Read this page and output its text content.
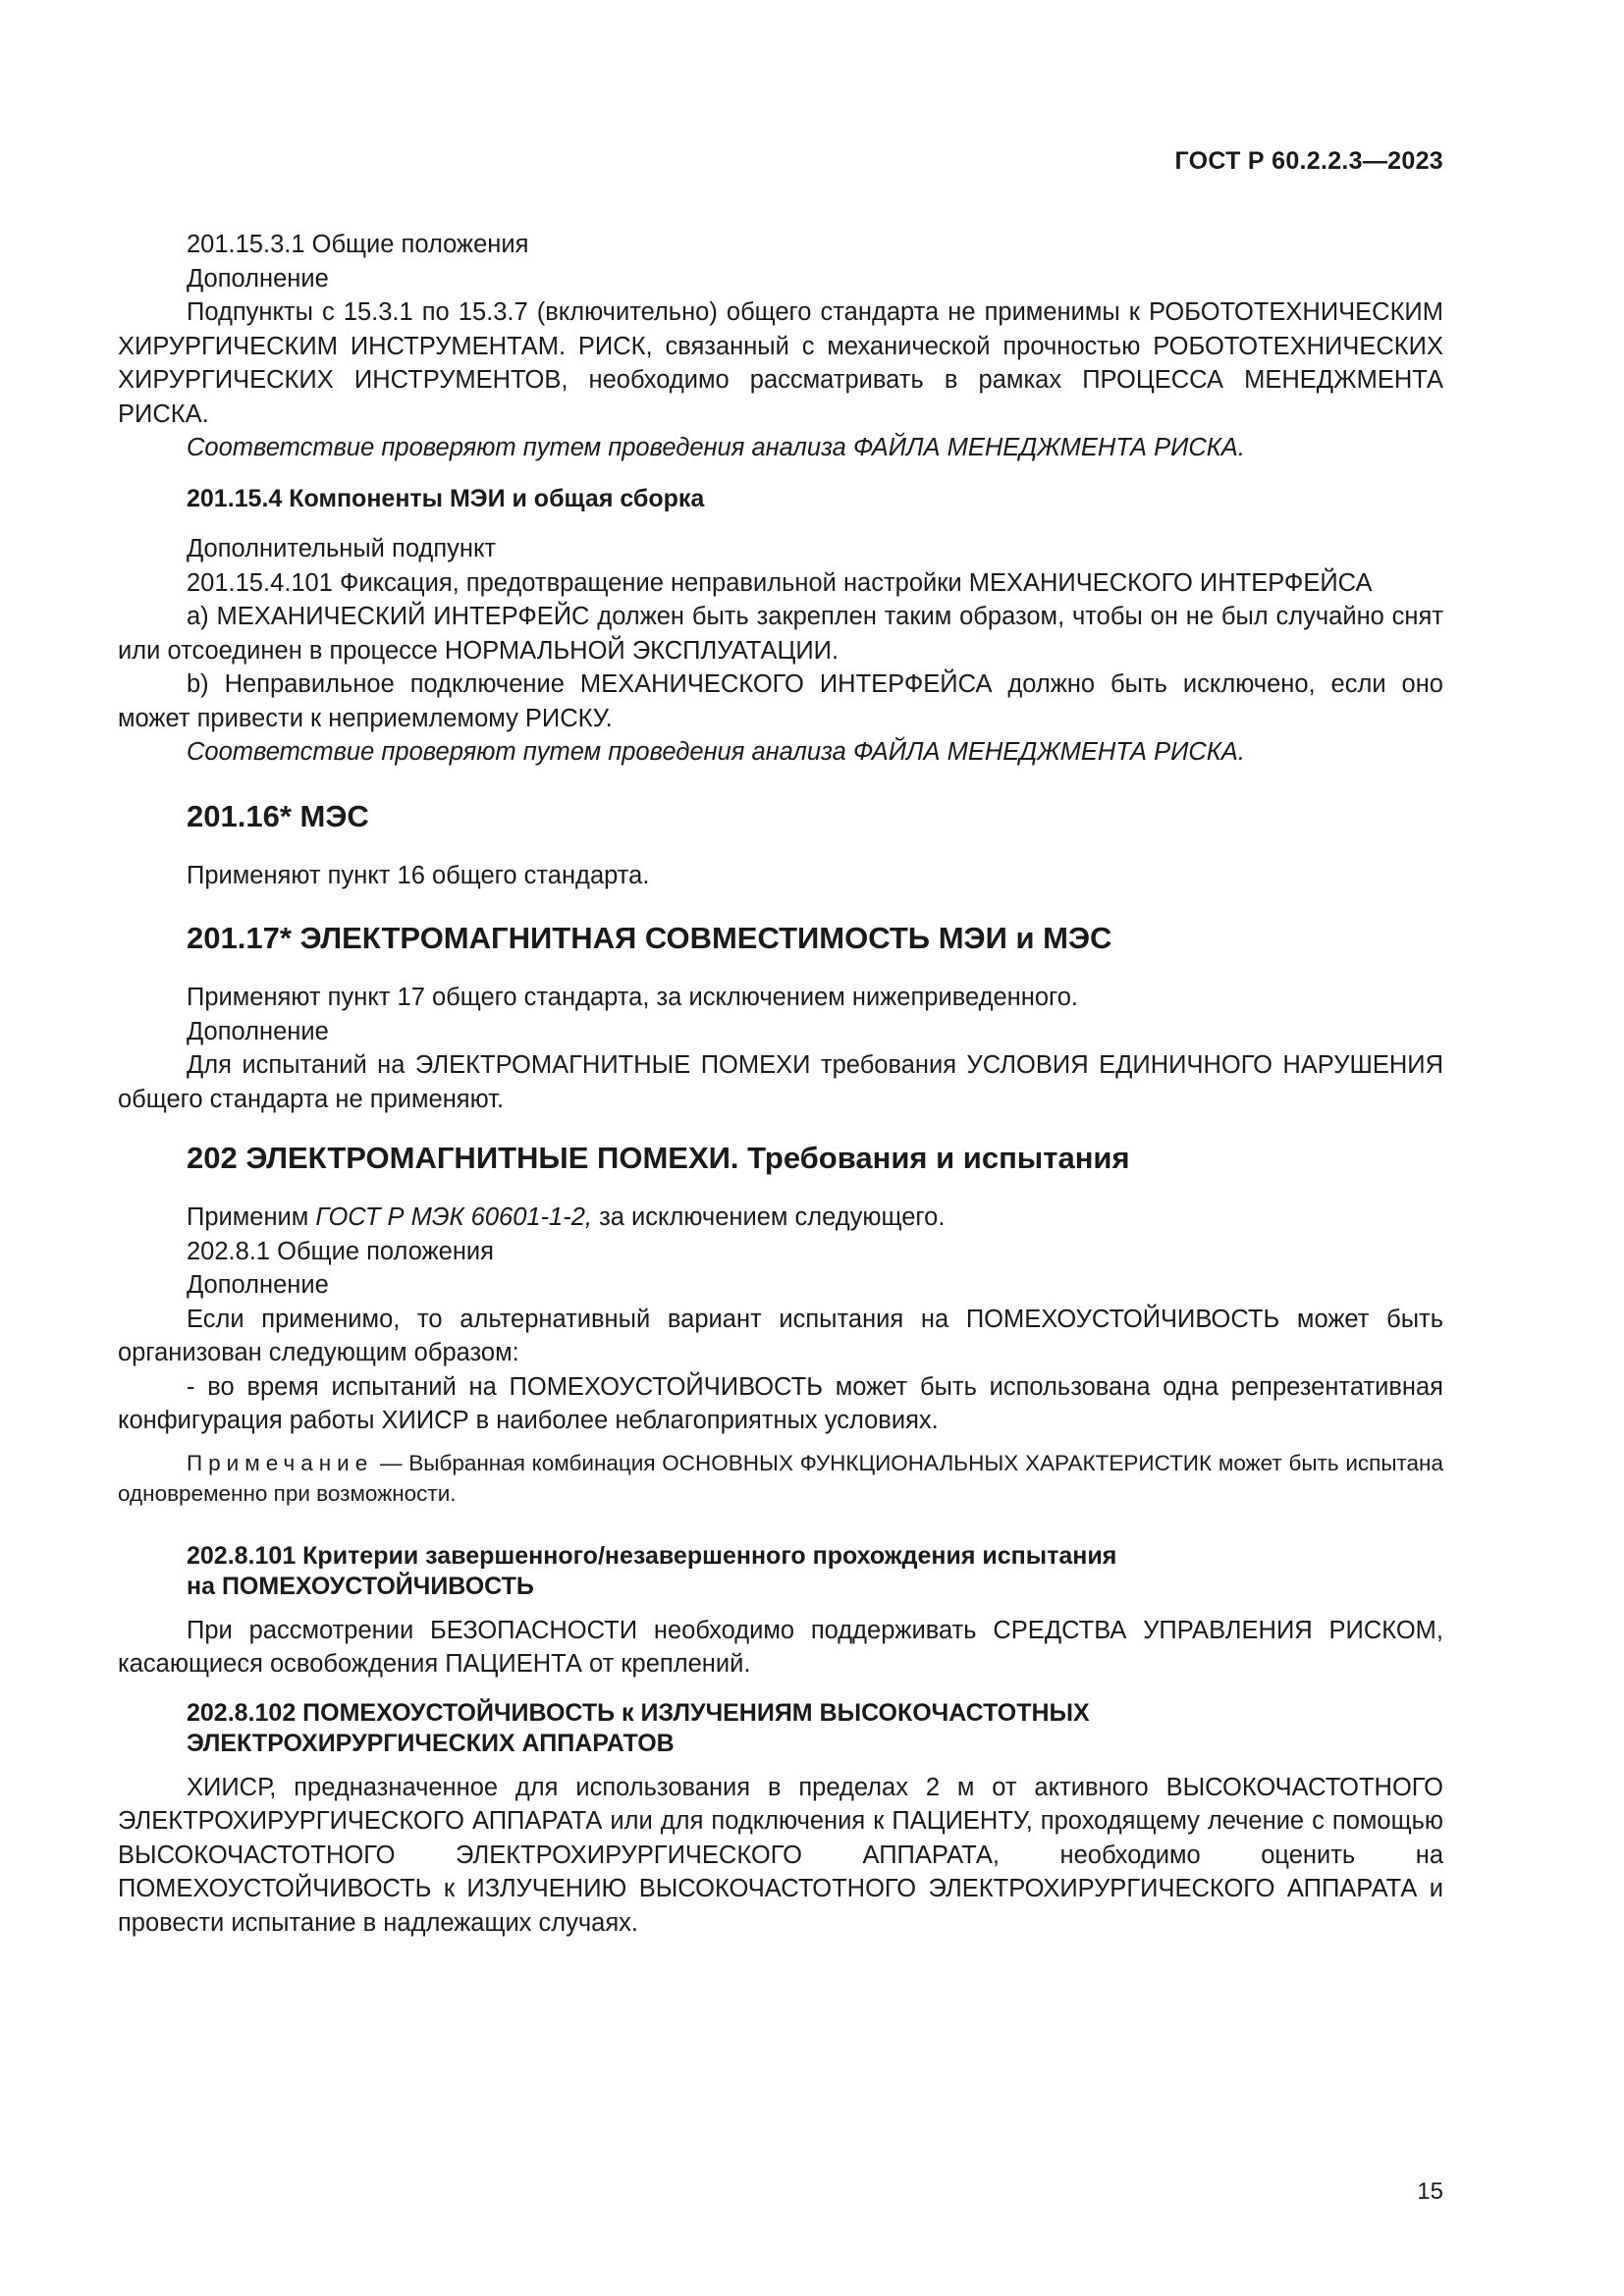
ГОСТ Р 60.2.2.3—2023

201.15.3.1 Общие положения

Дополнение

Подпункты с 15.3.1 по 15.3.7 (включительно) общего стандарта не применимы к РОБОТОТЕХНИЧЕСКИМ ХИРУРГИЧЕСКИМ ИНСТРУМЕНТАМ. РИСК, связанный с механической прочностью РОБОТОТЕХНИЧЕСКИХ ХИРУРГИЧЕСКИХ ИНСТРУМЕНТОВ, необходимо рассматривать в рамках ПРОЦЕССА МЕНЕДЖМЕНТА РИСКА.

Соответствие проверяют путем проведения анализа ФАЙЛА МЕНЕДЖМЕНТА РИСКА.

201.15.4 Компоненты МЭИ и общая сборка

Дополнительный подпункт

201.15.4.101 Фиксация, предотвращение неправильной настройки МЕХАНИЧЕСКОГО ИНТЕРФЕЙСА

a) МЕХАНИЧЕСКИЙ ИНТЕРФЕЙС должен быть закреплен таким образом, чтобы он не был случайно снят или отсоединен в процессе НОРМАЛЬНОЙ ЭКСПЛУАТАЦИИ.

b) Неправильное подключение МЕХАНИЧЕСКОГО ИНТЕРФЕЙСА должно быть исключено, если оно может привести к неприемлемому РИСКУ.

Соответствие проверяют путем проведения анализа ФАЙЛА МЕНЕДЖМЕНТА РИСКА.

201.16* МЭС

Применяют пункт 16 общего стандарта.

201.17* ЭЛЕКТРОМАГНИТНАЯ СОВМЕСТИМОСТЬ МЭИ и МЭС

Применяют пункт 17 общего стандарта, за исключением нижеприведенного.

Дополнение

Для испытаний на ЭЛЕКТРОМАГНИТНЫЕ ПОМЕХИ требования УСЛОВИЯ ЕДИНИЧНОГО НАРУШЕНИЯ общего стандарта не применяют.

202 ЭЛЕКТРОМАГНИТНЫЕ ПОМЕХИ. Требования и испытания

Применим ГОСТ Р МЭК 60601-1-2, за исключением следующего.

202.8.1 Общие положения

Дополнение

Если применимо, то альтернативный вариант испытания на ПОМЕХОУСТОЙЧИВОСТЬ может быть организован следующим образом:

- во время испытаний на ПОМЕХОУСТОЙЧИВОСТЬ может быть использована одна репрезентативная конфигурация работы ХИИСР в наиболее неблагоприятных условиях.

Примечание — Выбранная комбинация ОСНОВНЫХ ФУНКЦИОНАЛЬНЫХ ХАРАКТЕРИСТИК может быть испытана одновременно при возможности.

202.8.101 Критерии завершенного/незавершенного прохождения испытания
на ПОМЕХОУСТОЙЧИВОСТЬ

При рассмотрении БЕЗОПАСНОСТИ необходимо поддерживать СРЕДСТВА УПРАВЛЕНИЯ РИСКОМ, касающиеся освобождения ПАЦИЕНТА от креплений.

202.8.102 ПОМЕХОУСТОЙЧИВОСТЬ к ИЗЛУЧЕНИЯМ ВЫСОКОЧАСТОТНЫХ
ЭЛЕКТРОХИРУРГИЧЕСКИХ АППАРАТОВ

ХИИСР, предназначенное для использования в пределах 2 м от активного ВЫСОКОЧАСТОТНОГО ЭЛЕКТРОХИРУРГИЧЕСКОГО АППАРАТА или для подключения к ПАЦИЕНТУ, проходящему лечение с помощью ВЫСОКОЧАСТОТНОГО ЭЛЕКТРОХИРУРГИЧЕСКОГО АППАРАТА, необходимо оценить на ПОМЕХОУСТОЙЧИВОСТЬ к ИЗЛУЧЕНИЮ ВЫСОКОЧАСТОТНОГО ЭЛЕКТРОХИРУРГИЧЕСКОГО АППАРАТА и провести испытание в надлежащих случаях.

15
